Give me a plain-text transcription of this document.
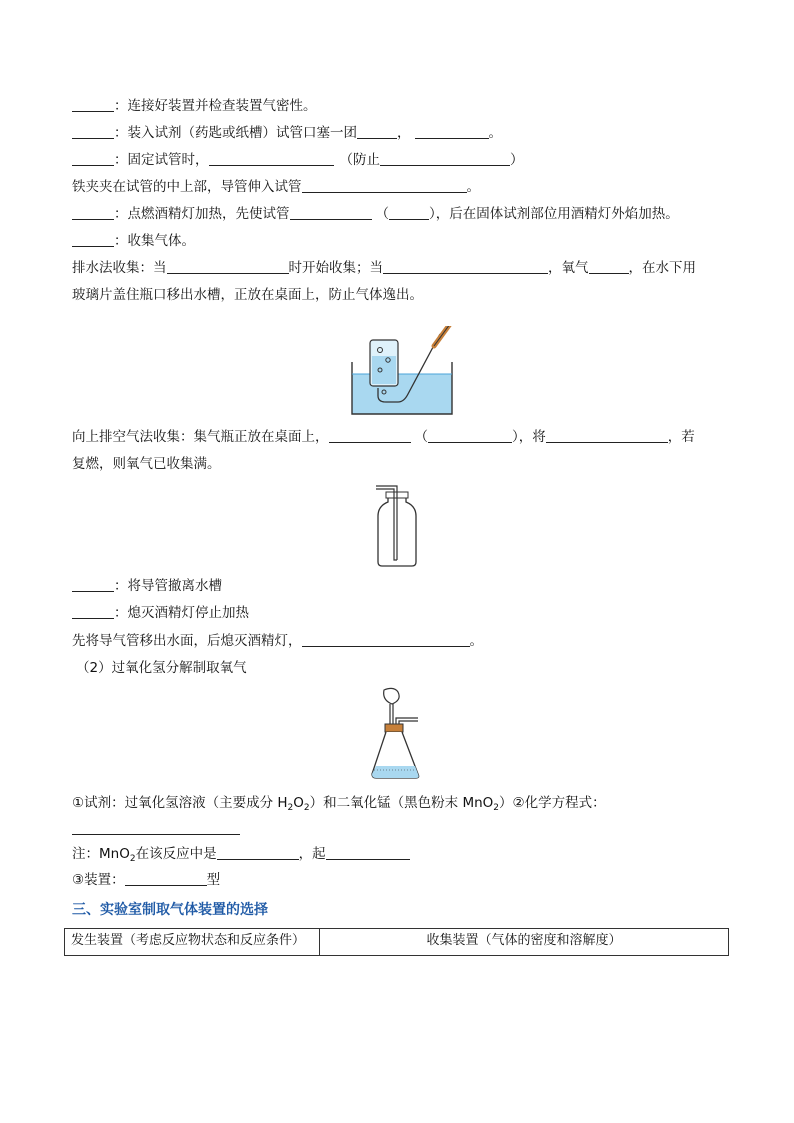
：连接好装置并检查装置气密性。
：装入试剂（药匙或纸槽）试管口塞一团	，	。
：固定试管时，	（防止	）
铁夹夹在试管的中上部，导管伸入试管	。
：点燃酒精灯加热，先使试管	（	），后在固体试剂部位用酒精灯外焰加热。
：收集气体。
排水法收集：当	时开始收集；当	，氧气	，在水下用
玻璃片盖住瓶口移出水槽，正放在桌面上，防止气体逸出。
向上排空气法收集：集气瓶正放在桌面上，	（	），将	，若
复燃，则氧气已收集满。
：将导管撤离水槽
：熄灭酒精灯停止加热
先将导气管移出水面，后熄灭酒精灯，	。
（2）过氧化氢分解制取氧气
①试剂：过氧化氢溶液（主要成分 $H_2O_2$）和二氧化锰（黑色粉末 MnO$_2$）②化学方程式：
注：MnO$_2$在该反应中是	，起
③装置：	型
三、实验室制取气体装置的选择
发生装置（考虑反应物状态和反应条件）	收集装置（气体的密度和溶解度）
